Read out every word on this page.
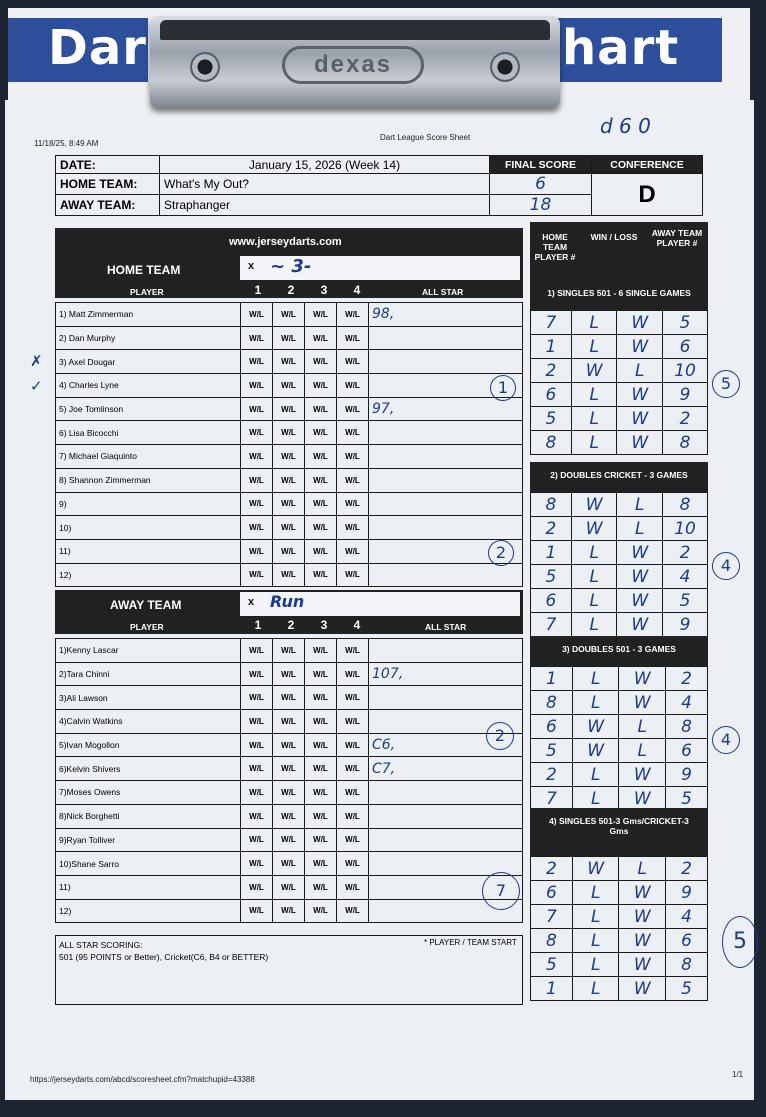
Dar	hart
dexas
11/18/25, 8:49 AM
Dart League Score Sheet	d 6 0
DATE:	January 15, 2026 (Week 14)	FINAL SCORE	CONFERENCE
HOME TEAM:	What's My Out?	6	D
AWAY TEAM:	Straphanger	18	
www.jerseydarts.com
HOME TEAM	x ~ 3-
PLAYER	1	2	3	4	ALL STAR
1) Matt Zimmerman	W/L	W/L	W/L	W/L	98,
2) Dan Murphy	W/L	W/L	W/L	W/L	
3) Axel Dougar	W/L	W/L	W/L	W/L	
4) Charles Lyne	W/L	W/L	W/L	W/L	
5) Joe Tomlinson	W/L	W/L	W/L	W/L	97,
6) Lisa Bicocchi	W/L	W/L	W/L	W/L	
7) Michael Giaquinto	W/L	W/L	W/L	W/L	
8) Shannon Zimmerman	W/L	W/L	W/L	W/L	
9)	W/L	W/L	W/L	W/L	
10)	W/L	W/L	W/L	W/L	
11)	W/L	W/L	W/L	W/L	
12)	W/L	W/L	W/L	W/L	
AWAY TEAM	x Run
PLAYER	1	2	3	4	ALL STAR
1)Kenny Lascar	W/L	W/L	W/L	W/L	
2)Tara Chinni	W/L	W/L	W/L	W/L	107,
3)Ali Lawson	W/L	W/L	W/L	W/L	
4)Calvin Watkins	W/L	W/L	W/L	W/L	
5)Ivan Mogollon	W/L	W/L	W/L	W/L	C6,
6)Kelvin Shivers	W/L	W/L	W/L	W/L	C7,
7)Moses Owens	W/L	W/L	W/L	W/L	
8)Nick Borghetti	W/L	W/L	W/L	W/L	
9)Ryan Tolliver	W/L	W/L	W/L	W/L	
10)Shane Sarro	W/L	W/L	W/L	W/L	
11)	W/L	W/L	W/L	W/L	
12)	W/L	W/L	W/L	W/L	
1
2
2
7
✗
✓
HOME TEAM PLAYER #
WIN / LOSS	AWAY TEAM PLAYER #
1) SINGLES 501 - 6 SINGLE GAMES
7	L	W	5
1	L	W	6
2	W	L	10
6	L	W	9
5	L	W	2
8	L	W	8
5
2) DOUBLES CRICKET - 3 GAMES
8	W	L	8
2	W	L	10
1	L	W	2
5	L	W	4
6	L	W	5
7	L	W	9
4
3) DOUBLES 501 - 3 GAMES
1	L	W	2
8	L	W	4
6	W	L	8
5	W	L	6
2	L	W	9
7	L	W	5
4
4) SINGLES 501-3 Gms/CRICKET-3 Gms
2	W	L	2
6	L	W	9
7	L	W	4
8	L	W	6
5	L	W	8
1	L	W	5
5
ALL STAR SCORING:
501 (95 POINTS or Better), Cricket(C6, B4 or BETTER)
* PLAYER / TEAM START
https://jerseydarts.com/abcd/scoresheet.cfm?matchupid=43388
1/1
